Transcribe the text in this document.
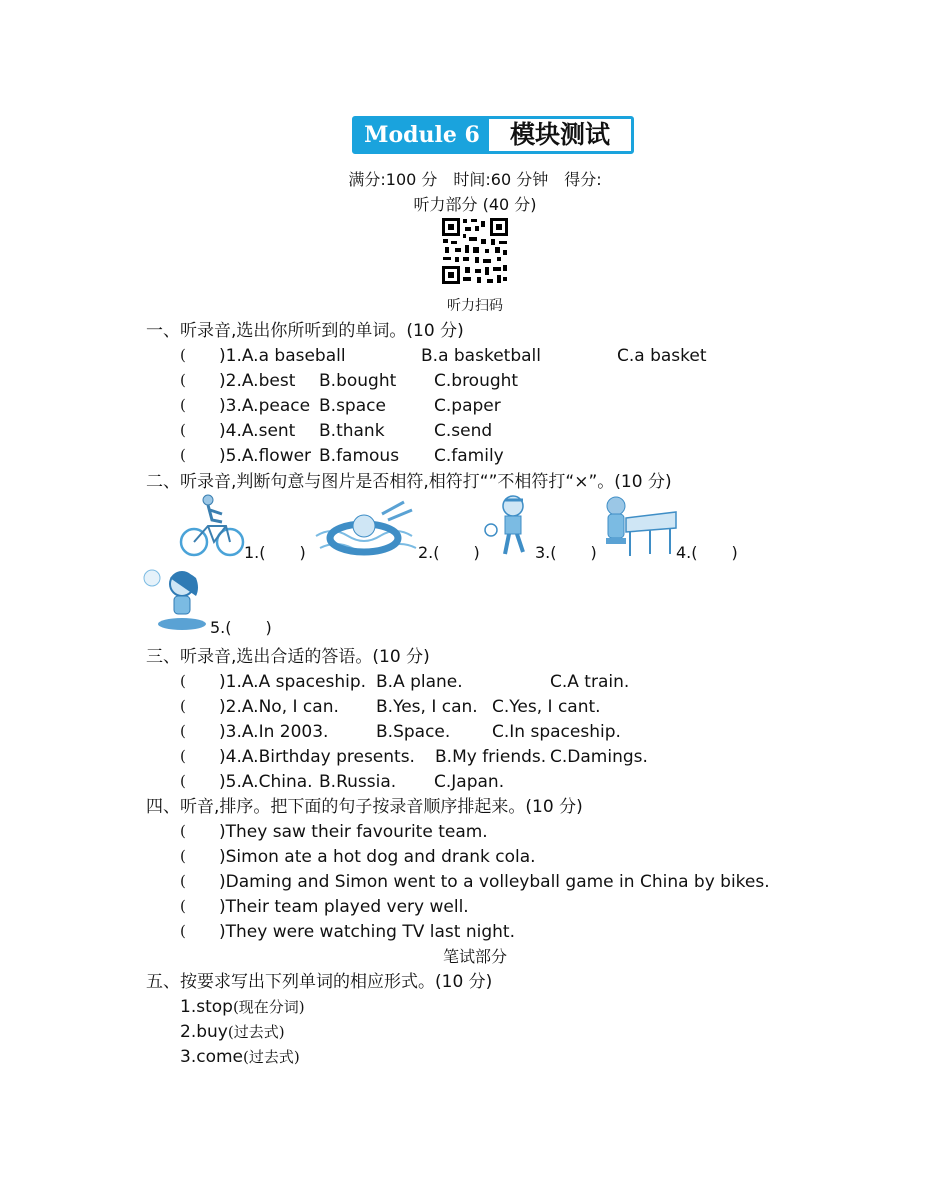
Module 6	模块测试
满分:100 分　时间:60 分钟　得分:
听力部分 (40 分)
听力扫码
一、听录音,选出你所听到的单词。(10 分)
( )1.A.a baseball	B.a basketball	C.a basket
( )2.A.best B.bought C.brought
( )3.A.peace B.space	C.paper
( )4.A.sent B.thank	C.send
( )5.A.flower B.famous C.family
二、听录音,判断句意与图片是否相符,相符打“”不相符打“×”。(10 分)
1.( )	2.( )	3.( )	4.( )
5.( )
三、听录音,选出合适的答语。(10 分)
( )1.A.A spaceship. B.A plane.	C.A train.
( )2.A.No, I can. B.Yes, I can. C.Yes, I cant.
( )3.A.In 2003.	B.Space. C.In spaceship.
( )4.A.Birthday presents. B.My friends. C.Damings.
( )5.A.China. B.Russia. C.Japan.
四、听音,排序。把下面的句子按录音顺序排起来。(10 分)
( )They saw their favourite team.
( )Simon ate a hot dog and drank cola.
( )Daming and Simon went to a volleyball game in China by bikes.
( )Their team played very well.
( )They were watching TV last night.
笔试部分
五、按要求写出下列单词的相应形式。(10 分)
1.stop(现在分词)
2.buy(过去式)
3.come(过去式)
